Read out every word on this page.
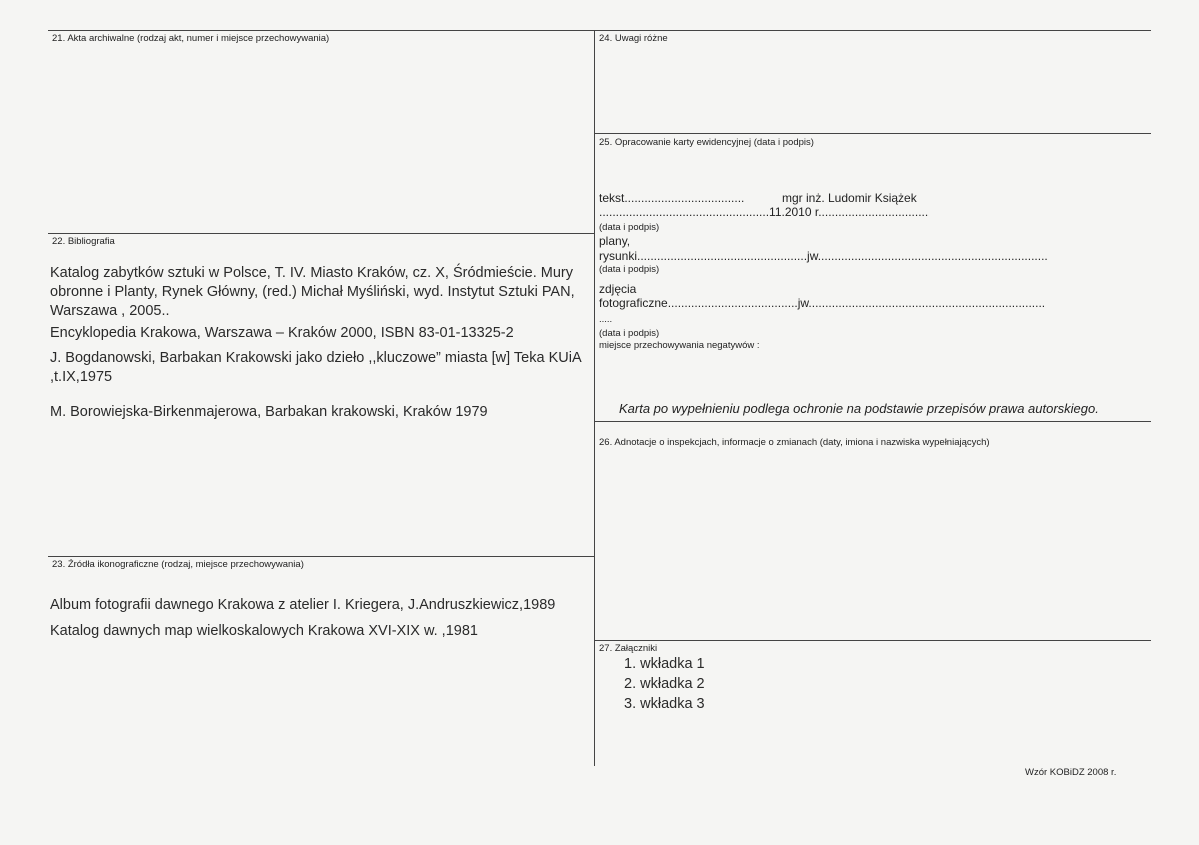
21. Akta archiwalne (rodzaj akt, numer i miejsce przechowywania)
22. Bibliografia
Katalog zabytków sztuki w Polsce, T. IV. Miasto Kraków, cz. X, Śródmieście. Mury obronne i Planty, Rynek Główny, (red.) Michał Myśliński, wyd. Instytut Sztuki PAN, Warszawa , 2005..
Encyklopedia Krakowa, Warszawa – Kraków 2000, ISBN 83-01-13325-2
J. Bogdanowski, Barbakan Krakowski jako dzieło ,,kluczowe” miasta [w] Teka KUiA ,t.IX,1975
M. Borowiejska-Birkenmajerowa, Barbakan krakowski, Kraków 1979
23. Źródła ikonograficzne (rodzaj, miejsce przechowywania)
Album fotografii dawnego Krakowa z atelier I. Kriegera, J.Andruszkiewicz,1989
Katalog dawnych map wielkoskalowych Krakowa XVI-XIX w. ,1981
24. Uwagi różne
25. Opracowanie karty ewidencyjnej (data i podpis)
tekst....................................	mgr inż. Ludomir Książek
...................................................11.2010 r.................................
(data i podpis)
plany,
rysunki...................................................jw.....................................................................
(data i podpis)
zdjęcia
fotograficzne.......................................jw.......................................................................
.....
(data i podpis)
miejsce przechowywania negatywów :
Karta po wypełnieniu podlega ochronie na podstawie przepisów prawa autorskiego.
26. Adnotacje o inspekcjach, informacje o zmianach (daty, imiona i nazwiska wypełniających)
27. Załączniki
1. wkładka 1
2. wkładka 2
3. wkładka 3
Wzór KOBiDZ 2008 r.
